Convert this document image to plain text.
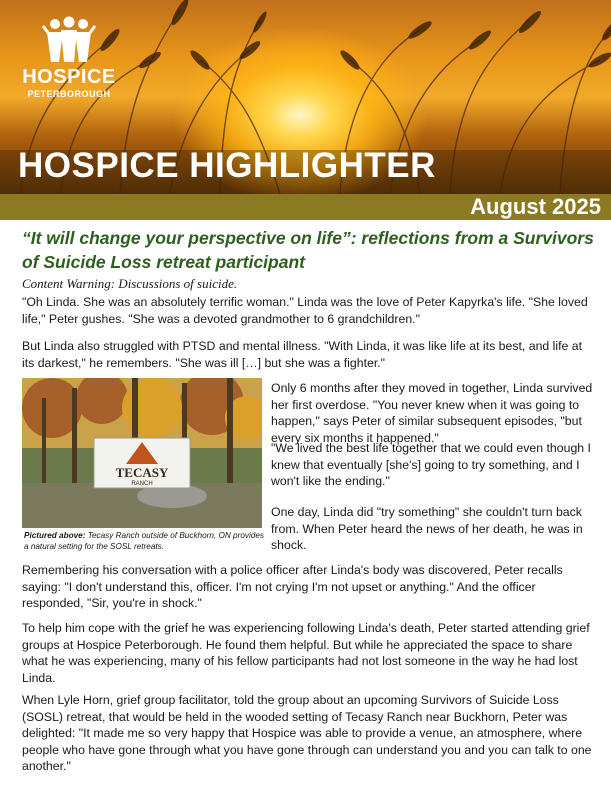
HOSPICE
PETERBOROUGH
HOSPICE HIGHLIGHTER
August 2025
“It will change your perspective on life”: reflections from a Survivors of Suicide Loss retreat participant
Content Warning: Discussions of suicide.

"Oh Linda. She was an absolutely terrific woman." Linda was the love of Peter Kapyrka's life. "She loved life," Peter gushes. "She was a devoted grandmother to 6 grandchildren."

But Linda also struggled with PTSD and mental illness. "With Linda, it was like life at its best, and life at its darkest," he remembers. "She was ill […] but she was a fighter."

TECASY
RANCH
Pictured above: Tecasy Ranch outside of Buckhorn, ON provides a natural setting for the SOSL retreats.

Only 6 months after they moved in together, Linda survived her first overdose. "You never knew when it was going to happen," says Peter of similar subsequent episodes, "but every six months it happened."

"We lived the best life together that we could even though I knew that eventually [she's] going to try something, and I won't like the ending."

One day, Linda did "try something" she couldn't turn back from. When Peter heard the news of her death, he was in shock.

Remembering his conversation with a police officer after Linda's body was discovered, Peter recalls saying: "I don't understand this, officer. I'm not crying I'm not upset or anything." And the officer responded, "Sir, you're in shock."

To help him cope with the grief he was experiencing following Linda's death, Peter started attending grief groups at Hospice Peterborough. He found them helpful. But while he appreciated the space to share what he was experiencing, many of his fellow participants had not lost someone in the way he had lost Linda.

When Lyle Horn, grief group facilitator, told the group about an upcoming Survivors of Suicide Loss (SOSL) retreat, that would be held in the wooded setting of Tecasy Ranch near Buckhorn, Peter was delighted: "It made me so very happy that Hospice was able to provide a venue, an atmosphere, where people who have gone through what you have gone through can understand you and you can talk to one another."
